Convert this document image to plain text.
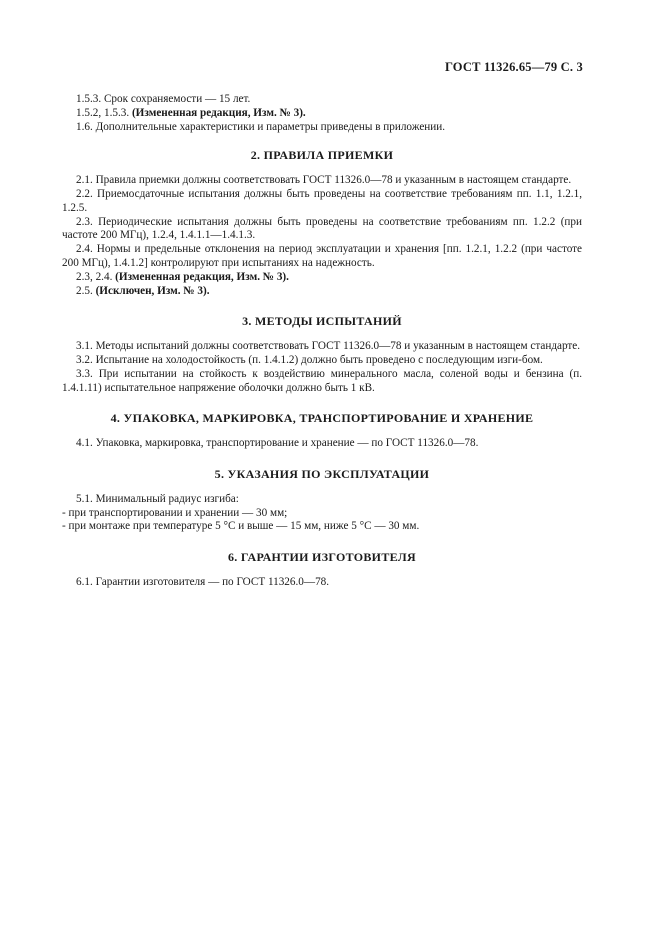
ГОСТ 11326.65—79 С. 3

1.5.3. Срок сохраняемости — 15 лет.

1.5.2, 1.5.3. (Измененная редакция, Изм. № 3).

1.6. Дополнительные характеристики и параметры приведены в приложении.

2. ПРАВИЛА ПРИЕМКИ

2.1. Правила приемки должны соответствовать ГОСТ 11326.0—78 и указанным в настоящем стандарте.

2.2. Приемосдаточные испытания должны быть проведены на соответствие требованиям пп. 1.1, 1.2.1, 1.2.5.

2.3. Периодические испытания должны быть проведены на соответствие требованиям пп. 1.2.2 (при частоте 200 МГц), 1.2.4, 1.4.1.1—1.4.1.3.

2.4. Нормы и предельные отклонения на период эксплуатации и хранения [пп. 1.2.1, 1.2.2 (при частоте 200 МГц), 1.4.1.2] контролируют при испытаниях на надежность.

2.3, 2.4. (Измененная редакция, Изм. № 3).

2.5. (Исключен, Изм. № 3).

3. МЕТОДЫ ИСПЫТАНИЙ

3.1. Методы испытаний должны соответствовать ГОСТ 11326.0—78 и указанным в настоящем стандарте.

3.2. Испытание на холодостойкость (п. 1.4.1.2) должно быть проведено с последующим изги-бом.

3.3. При испытании на стойкость к воздействию минерального масла, соленой воды и бензина (п. 1.4.1.11) испытательное напряжение оболочки должно быть 1 кВ.

4. УПАКОВКА, МАРКИРОВКА, ТРАНСПОРТИРОВАНИЕ И ХРАНЕНИЕ

4.1. Упаковка, маркировка, транспортирование и хранение — по ГОСТ 11326.0—78.

5. УКАЗАНИЯ ПО ЭКСПЛУАТАЦИИ

5.1. Минимальный радиус изгиба:

- при транспортировании и хранении — 30 мм;

- при монтаже при температуре 5 °С и выше — 15 мм, ниже 5 °С — 30 мм.

6. ГАРАНТИИ ИЗГОТОВИТЕЛЯ

6.1. Гарантии изготовителя — по ГОСТ 11326.0—78.
